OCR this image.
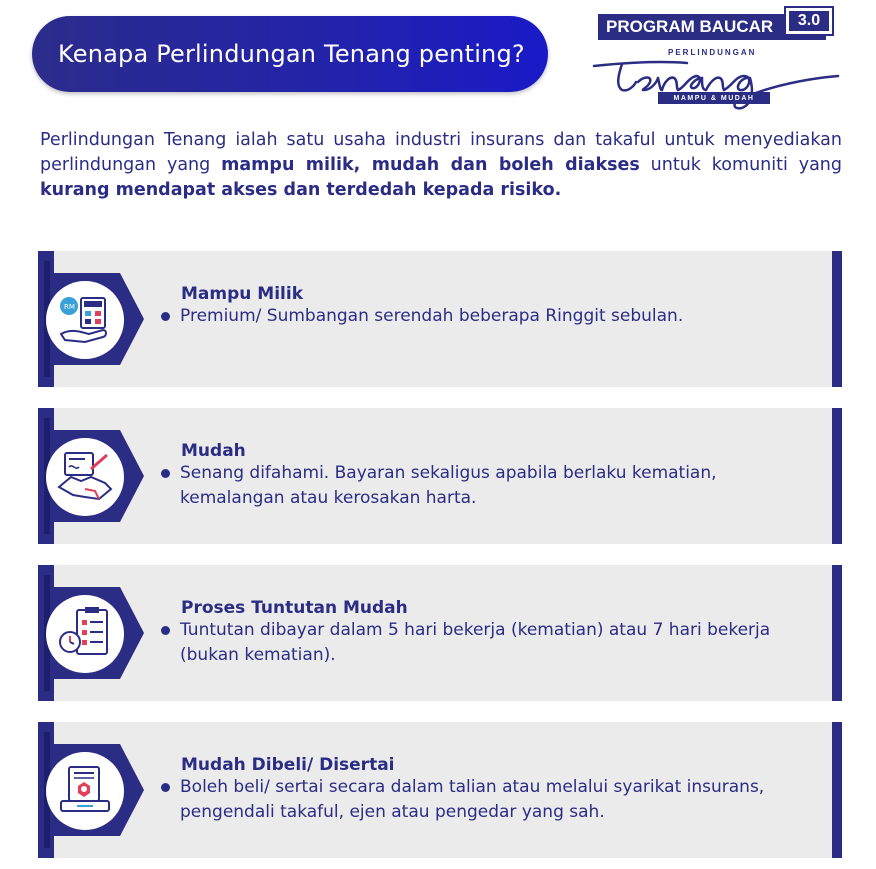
Kenapa Perlindungan Tenang penting?
PROGRAM BAUCAR	3.0
PERLINDUNGAN
MAMPU & MUDAH

Perlindungan Tenang ialah satu usaha industri insurans dan takaful untuk menyediakan perlindungan yang mampu milik, mudah dan boleh diakses untuk komuniti yang kurang mendapat akses dan terdedah kepada risiko.

RM
Mampu Milik
Premium/ Sumbangan serendah beberapa Ringgit sebulan.
Mudah
Senang difahami. Bayaran sekaligus apabila berlaku kematian, kemalangan atau kerosakan harta.
Proses Tuntutan Mudah
Tuntutan dibayar dalam 5 hari bekerja (kematian) atau 7 hari bekerja (bukan kematian).
Mudah Dibeli/ Disertai
Boleh beli/ sertai secara dalam talian atau melalui syarikat insurans, pengendali takaful, ejen atau pengedar yang sah.
